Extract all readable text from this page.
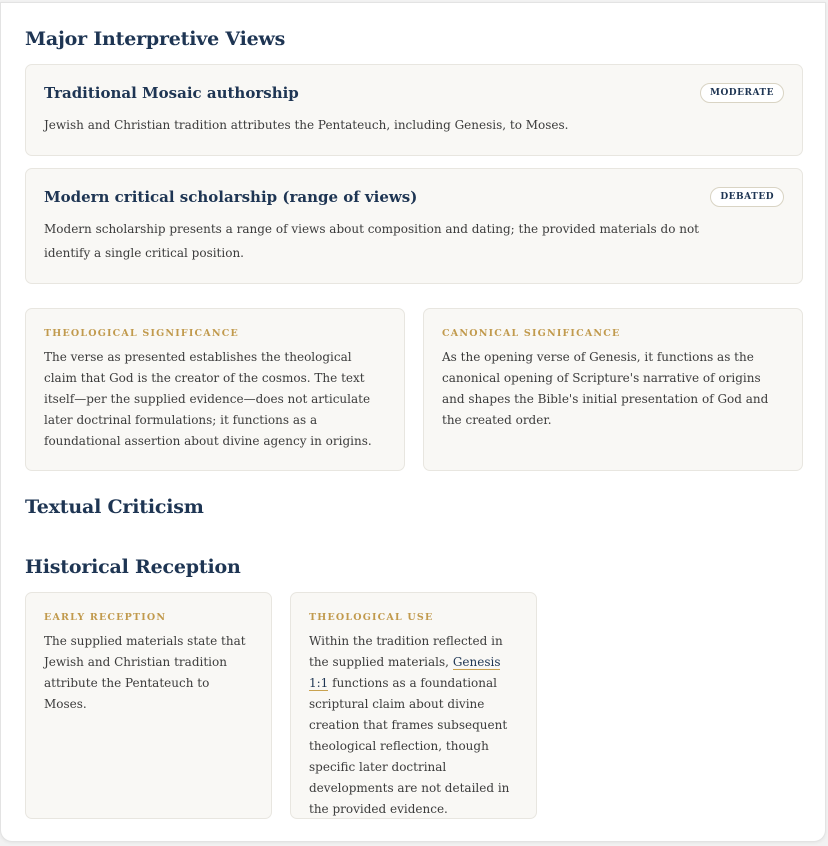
Major Interpretive Views
Traditional Mosaic authorship	MODERATE
Jewish and Christian tradition attributes the Pentateuch, including Genesis, to Moses.
Modern critical scholarship (range of views)	DEBATED
Modern scholarship presents a range of views about composition and dating; the provided materials do not identify a single critical position.
THEOLOGICAL SIGNIFICANCE
The verse as presented establishes the theological claim that God is the creator of the cosmos. The text itself—per the supplied evidence—does not articulate later doctrinal formulations; it functions as a foundational assertion about divine agency in origins.
CANONICAL SIGNIFICANCE
As the opening verse of Genesis, it functions as the canonical opening of Scripture's narrative of origins and shapes the Bible's initial presentation of God and the created order.
Textual Criticism
Historical Reception
EARLY RECEPTION
The supplied materials state that Jewish and Christian tradition attribute the Pentateuch to Moses.
THEOLOGICAL USE
Within the tradition reflected in the supplied materials, Genesis 1:1 functions as a foundational scriptural claim about divine creation that frames subsequent theological reflection, though specific later doctrinal developments are not detailed in the provided evidence.
